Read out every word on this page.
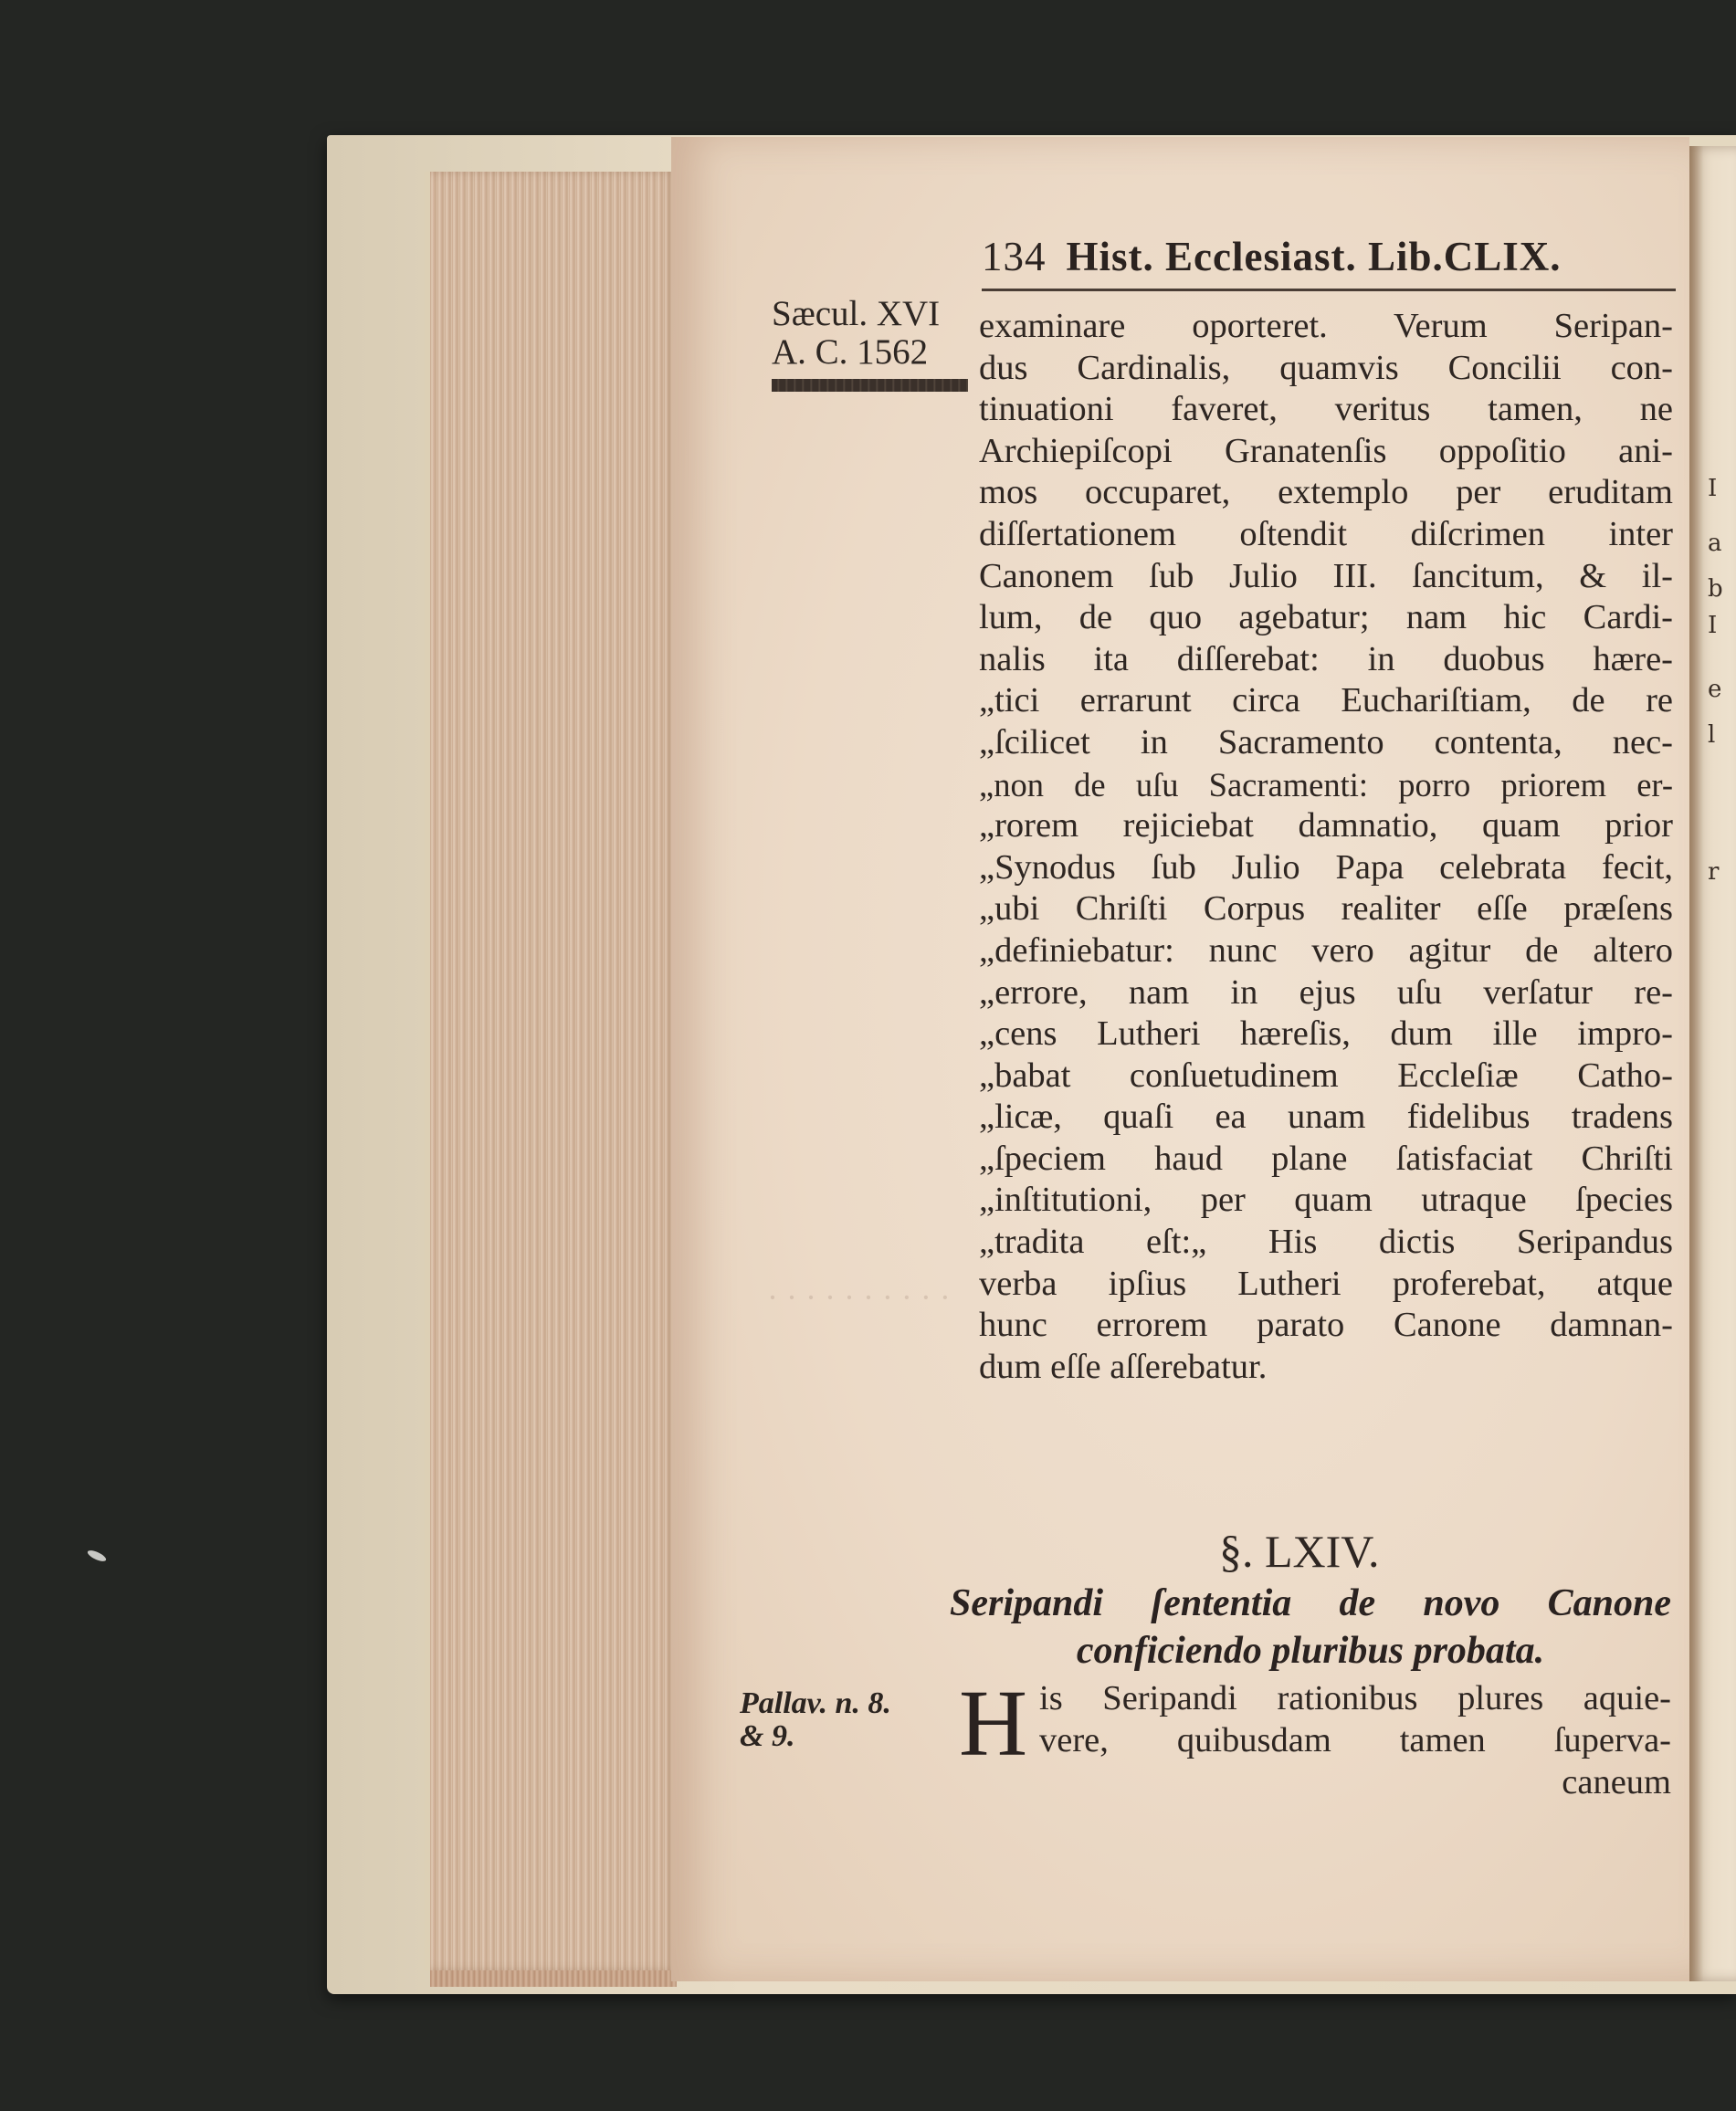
I
a
b
I
e
l
r
· · · · · · · · · ·
134 Hist. Ecclesiast. Lib.CLIX.
Sæcul. XVI
A. C. 1562
examinare oporteret. Verum Seripan-
dus Cardinalis, quamvis Concilii con-
tinuationi faveret, veritus tamen, ne
Archiepiſcopi Granatenſis oppoſitio ani-
mos occuparet, extemplo per eruditam
diſſertationem oſtendit diſcrimen inter
Canonem ſub Julio III. ſancitum, & il-
lum, de quo agebatur; nam hic Cardi-
nalis ita diſſerebat: in duobus hære-
„tici errarunt circa Euchariſtiam, de re
„ſcilicet in Sacramento contenta, nec-
„non de uſu Sacramenti: porro priorem er-
„rorem rejiciebat damnatio, quam prior
„Synodus ſub Julio Papa celebrata fecit,
„ubi Chriſti Corpus realiter eſſe præſens
„definiebatur: nunc vero agitur de altero
„errore, nam in ejus uſu verſatur re-
„cens Lutheri hæreſis, dum ille impro-
„babat conſuetudinem Eccleſiæ Catho-
„licæ, quaſi ea unam fidelibus tradens
„ſpeciem haud plane ſatisfaciat Chriſti
„inſtitutioni, per quam utraque ſpecies
„tradita eſt:„ His dictis Seripandus
verba ipſius Lutheri proferebat, atque
hunc errorem parato Canone damnan-
dum eſſe aſſerebatur.
§. LXIV.
Seripandi ſententia de novo Canone
conficiendo pluribus probata.
Pallav. n. 8.
& 9.	H is Seripandi rationibus plures aquie-
vere, quibusdam tamen ſuperva-
caneum
